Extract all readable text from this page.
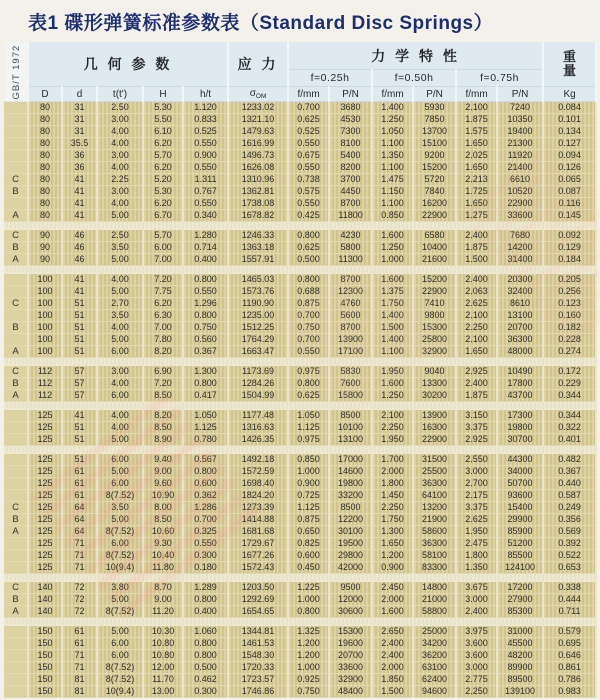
表1 碟形弹簧标准参数表（Standard Disc Springs）
GB/T 1972	几 何 参 数					应 力	力 学 特 性						重
量

							f=0.25h		f=0.50h		f=0.75h		
	D	d	t(t')	H	h/t	$\sigma_{OM}$	f/mm	P/N	f/mm	P/N	f/mm	P/N	Kg
	80	31	2.50	5.30	1.120	1233.02	0.700	3680	1.400	5930	2.100	7240	0.084
	80	31	3.00	5.50	0.833	1321.10	0.625	4530	1.250	7850	1.875	10350	0.101
	80	31	4.00	6.10	0.525	1479.63	0.525	7300	1.050	13700	1.575	19400	0.134
	80	35.5	4.00	6.20	0.550	1616.99	0.550	8100	1.100	15100	1.650	21300	0.127
	80	36	3.00	5.70	0.900	1496.73	0.675	5400	1.350	9200	2.025	11920	0.094
	80	36	4.00	6.20	0.550	1626.08	0.550	8200	1.100	15200	1.650	21400	0.126
C	80	41	2.25	5.20	1.311	1310.96	0.738	3700	1.475	5720	2.213	6610	0.065
B	80	41	3.00	5.30	0.767	1362.81	0.575	4450	1.150	7840	1.725	10520	0.087
	80	41	4.00	6.20	0.550	1738.08	0.550	8700	1.100	16200	1.650	22900	0.116
A	80	41	5.00	6.70	0.340	1678.82	0.425	11800	0.850	22900	1.275	33600	0.145

C	90	46	2.50	5.70	1.280	1246.33	0.800	4230	1.600	6580	2.400	7680	0.092
B	90	46	3.50	6.00	0.714	1363.18	0.625	5800	1.250	10400	1.875	14200	0.129
A	90	46	5.00	7.00	0.400	1557.91	0.500	11300	1.000	21600	1.500	31400	0.184

	100	41	4.00	7.20	0.800	1465.03	0.800	8700	1.600	15200	2.400	20300	0.205
	100	41	5.00	7.75	0.550	1573.76	0.688	12300	1.375	22900	2.063	32400	0.256
C	100	51	2.70	6.20	1.296	1190.90	0.875	4760	1.750	7410	2.625	8610	0.123
	100	51	3.50	6.30	0.800	1235.00	0.700	5600	1.400	9800	2.100	13100	0.160
B	100	51	4.00	7.00	0.750	1512.25	0.750	8700	1.500	15300	2.250	20700	0.182
	100	51	5.00	7.80	0.560	1764.29	0.700	13900	1.400	25800	2.100	36300	0.228
A	100	51	6.00	8.20	0.367	1663.47	0.550	17100	1.100	32900	1.650	48000	0.274

C	112	57	3.00	6.90	1.300	1173.69	0.975	5830	1.950	9040	2.925	10490	0.172
B	112	57	4.00	7.20	0.800	1284.26	0.800	7600	1.600	13300	2.400	17800	0.229
A	112	57	6.00	8.50	0.417	1504.99	0.625	15800	1.250	30200	1.875	43700	0.344

	125	41	4.00	8.20	1.050	1177.48	1.050	8500	2.100	13900	3.150	17300	0.344
	125	51	4.00	8.50	1.125	1316.63	1.125	10100	2.250	16300	3.375	19800	0.322
	125	51	5.00	8.90	0.780	1426.35	0.975	13100	1.950	22900	2.925	30700	0.401

	125	51	6.00	9.40	0.567	1492.18	0.850	17000	1.700	31500	2.550	44300	0.482
	125	61	5.00	9.00	0.800	1572.59	1.000	14600	2.000	25500	3.000	34000	0.367
	125	61	6.00	9.60	0.600	1698.40	0.900	19800	1.800	36300	2.700	50700	0.440
	125	61	8(7.52)	10.90	0.362	1824.20	0.725	33200	1.450	64100	2.175	93600	0.587
C	125	64	3.50	8.00	1.286	1273.39	1.125	8500	2.250	13200	3.375	15400	0.249
B	125	64	5.00	8.50	0.700	1414.88	0.875	12200	1.750	21900	2.625	29900	0.356
A	125	64	8(7.52)	10.60	0.325	1681.68	0.650	30100	1.300	58600	1.950	85900	0.569
	125	71	6.00	9.30	0.550	1729.67	0.825	19500	1.650	36300	2.475	51200	0.392
	125	71	8(7.52)	10.40	0.300	1677.26	0.600	29800	1.200	58100	1.800	85500	0.522
	125	71	10(9.4)	11.80	0.180	1572.43	0.450	42000	0.900	83300	1.350	124100	0.653

C	140	72	3.80	8.70	1.289	1203.50	1.225	9500	2.450	14800	3.675	17200	0.338
B	140	72	5.00	9.00	0.800	1292.69	1.000	12000	2.000	21000	3.000	27900	0.444
A	140	72	8(7.52)	11.20	0.400	1654.65	0.800	30600	1.600	58800	2.400	85300	0.711

	150	61	5.00	10.30	1.060	1344.81	1.325	15300	2.650	25000	3.975	31000	0.579
	150	61	6.00	10.80	0.800	1461.53	1.200	19600	2.400	34200	3.600	45500	0.695
	150	71	6.00	10.80	0.800	1548.30	1.200	20700	2.400	36200	3.600	48200	0.646
	150	71	8(7.52)	12.00	0.500	1720.33	1.000	33600	2.000	63100	3.000	89900	0.861
	150	81	8(7.52)	11.70	0.462	1723.57	0.925	32900	1.850	62400	2.775	89500	0.786
	150	81	10(9.4)	13.00	0.300	1746.86	0.750	48400	1.500	94600	2.250	139100	0.983
